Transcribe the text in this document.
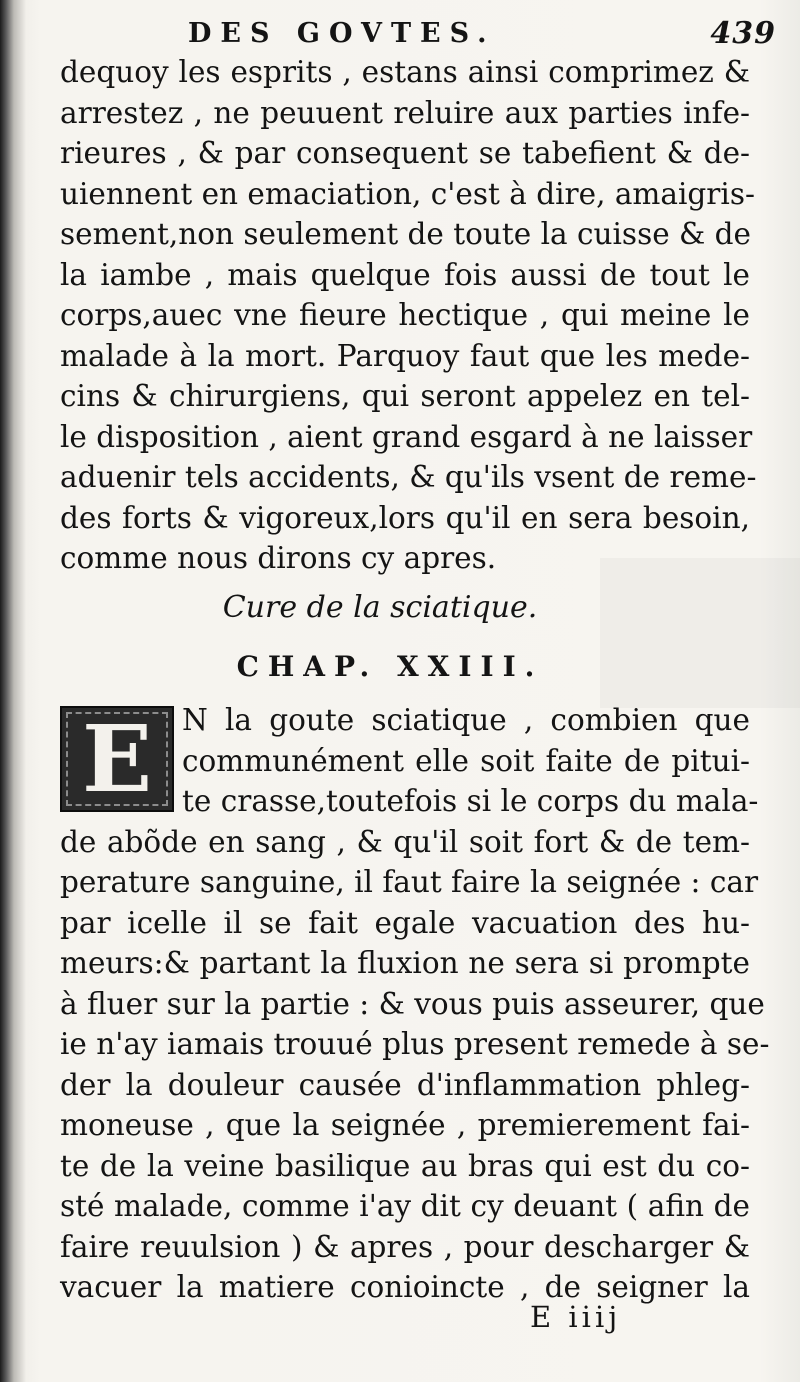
DES GOVTES.	439
dequoy les esprits , estans ainsi comprimez &
arrestez , ne peuuent reluire aux parties infe-
rieures , & par consequent se tabefient & de-
uiennent en emaciation, c'est à dire, amaigris-
sement,non seulement de toute la cuisse & de
la iambe , mais quelque fois aussi de tout le
corps,auec vne fieure hectique , qui meine le
malade à la mort. Parquoy faut que les mede-
cins & chirurgiens, qui seront appelez en tel-
le disposition , aient grand esgard à ne laisser
aduenir tels accidents, & qu'ils vsent de reme-
des forts & vigoreux,lors qu'il en sera besoin,
comme nous dirons cy apres.
Cure de la sciatique.
CHAP. XXIII.
E	N la goute sciatique , combien que
communément elle soit faite de pitui-
te crasse,toutefois si le corps du mala-
de abõde en sang , & qu'il soit fort & de tem-
perature sanguine, il faut faire la seignée : car
par icelle il se fait egale vacuation des hu-
meurs:& partant la fluxion ne sera si prompte
à fluer sur la partie : & vous puis asseurer, que
ie n'ay iamais trouué plus present remede à se-
der la douleur causée d'inflammation phleg-
moneuse , que la seignée , premierement fai-
te de la veine basilique au bras qui est du co-
sté malade, comme i'ay dit cy deuant ( afin de
faire reuulsion ) & apres , pour descharger &
vacuer la matiere conioincte , de seigner la
E iiij
